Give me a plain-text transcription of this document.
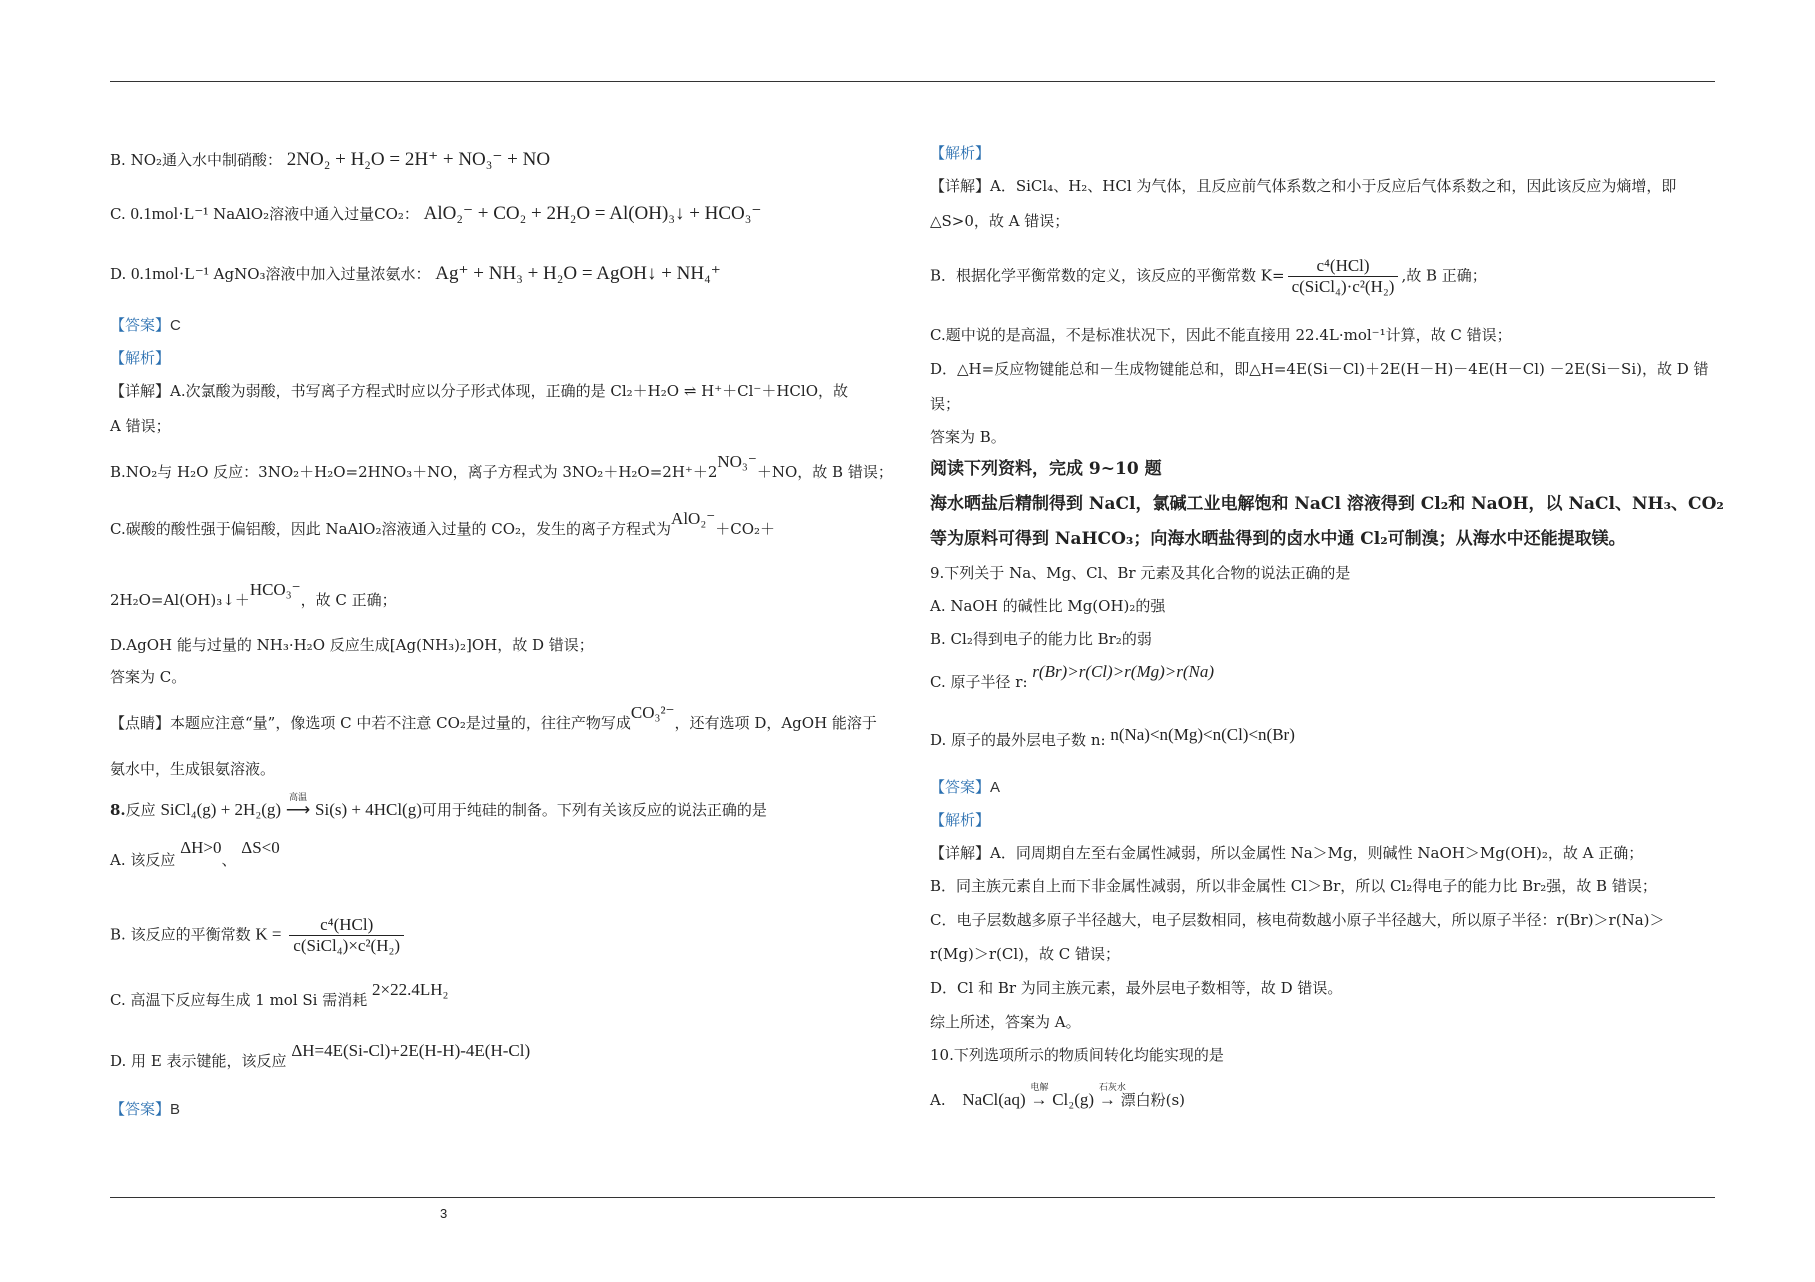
B. NO₂通入水中制硝酸： 2NO₂ + H₂O = 2H⁺ + NO₃⁻ + NO
C. 0.1mol·L⁻¹ NaAlO₂溶液中通入过量CO₂： AlO₂⁻ + CO₂ + 2H₂O = Al(OH)₃↓ + HCO₃⁻
D. 0.1mol·L⁻¹ AgNO₃溶液中加入过量浓氨水： Ag⁺ + NH₃ + H₂O = AgOH↓ + NH₄⁺
【答案】C
【解析】
【详解】A.次氯酸为弱酸，书写离子方程式时应以分子形式体现，正确的是 Cl₂＋H₂O ⇌ H⁺＋Cl⁻＋HClO，故
A 错误；
B.NO₂与 H₂O 反应：3NO₂＋H₂O=2HNO₃＋NO，离子方程式为 3NO₂＋H₂O=2H⁺＋2NO₃⁻＋NO，故 B 错误；
C.碳酸的酸性强于偏铝酸，因此 NaAlO₂溶液通入过量的 CO₂，发生的离子方程式为AlO₂⁻＋CO₂＋
2H₂O=Al(OH)₃↓＋HCO₃⁻，故 C 正确；
D.AgOH 能与过量的 NH₃·H₂O 反应生成[Ag(NH₃)₂]OH，故 D 错误；
答案为 C。
【点睛】本题应注意“量”，像选项 C 中若不注意 CO₂是过量的，往往产物写成CO₃²⁻，还有选项 D，AgOH 能溶于
氨水中，生成银氨溶液。
8.反应 SiCl₄(g) + 2H₂(g)
高温
⟶ Si(s) + 4HCl(g)可用于纯硅的制备。下列有关该反应的说法正确的是
A. 该反应 ΔH>0、 ΔS<0
B. 该反应的平衡常数 $K = \frac{\text{c⁴(HCl)}}{\text{c(SiCl₄)×c²(H₂)}}$
C. 高温下反应每生成 1 mol Si 需消耗 2×22.4LH₂
D. 用 E 表示键能，该反应 ΔH=4E(Si-Cl)+2E(H-H)-4E(H-Cl)
【答案】B
【解析】
【详解】A．SiCl₄、H₂、HCl 为气体，且反应前气体系数之和小于反应后气体系数之和，因此该反应为熵增，即
△S>0，故 A 错误；
B．根据化学平衡常数的定义，该反应的平衡常数 $K= \frac{\text{c⁴(HCl)}}{\text{c(SiCl₄)·c²(H₂)}}$ ,故 B 正确；
C.题中说的是高温，不是标准状况下，因此不能直接用 22.4L·mol⁻¹计算，故 C 错误；
D．△H=反应物键能总和－生成物键能总和，即△H=4E(Si－Cl)＋2E(H－H)－4E(H－Cl) －2E(Si－Si)，故 D 错
误；
答案为 B。
阅读下列资料，完成 9~10 题
海水晒盐后精制得到 NaCl，氯碱工业电解饱和 NaCl 溶液得到 Cl₂和 NaOH，以 NaCl、NH₃、CO₂
等为原料可得到 NaHCO₃；向海水晒盐得到的卤水中通 Cl₂可制溴；从海水中还能提取镁。
9.下列关于 Na、Mg、Cl、Br 元素及其化合物的说法正确的是
A. NaOH 的碱性比 Mg(OH)₂的强
B. Cl₂得到电子的能力比 Br₂的弱
C. 原子半径 r: r(Br)>r(Cl)>r(Mg)>r(Na)
D. 原子的最外层电子数 n: n(Na)<n(Mg)<n(Cl)<n(Br)
【答案】A
【解析】
【详解】A．同周期自左至右金属性减弱，所以金属性 Na＞Mg，则碱性 NaOH＞Mg(OH)₂，故 A 正确；
B．同主族元素自上而下非金属性减弱，所以非金属性 Cl＞Br，所以 Cl₂得电子的能力比 Br₂强，故 B 错误；
C．电子层数越多原子半径越大，电子层数相同，核电荷数越小原子半径越大，所以原子半径：r(Br)＞r(Na)＞
r(Mg)＞r(Cl)，故 C 错误；
D．Cl 和 Br 为同主族元素，最外层电子数相等，故 D 错误。
综上所述，答案为 A。
10.下列选项所示的物质间转化均能实现的是
A. NaCl(aq)
电解
→ Cl₂(g)
石灰水
→ 漂白粉(s)
3
